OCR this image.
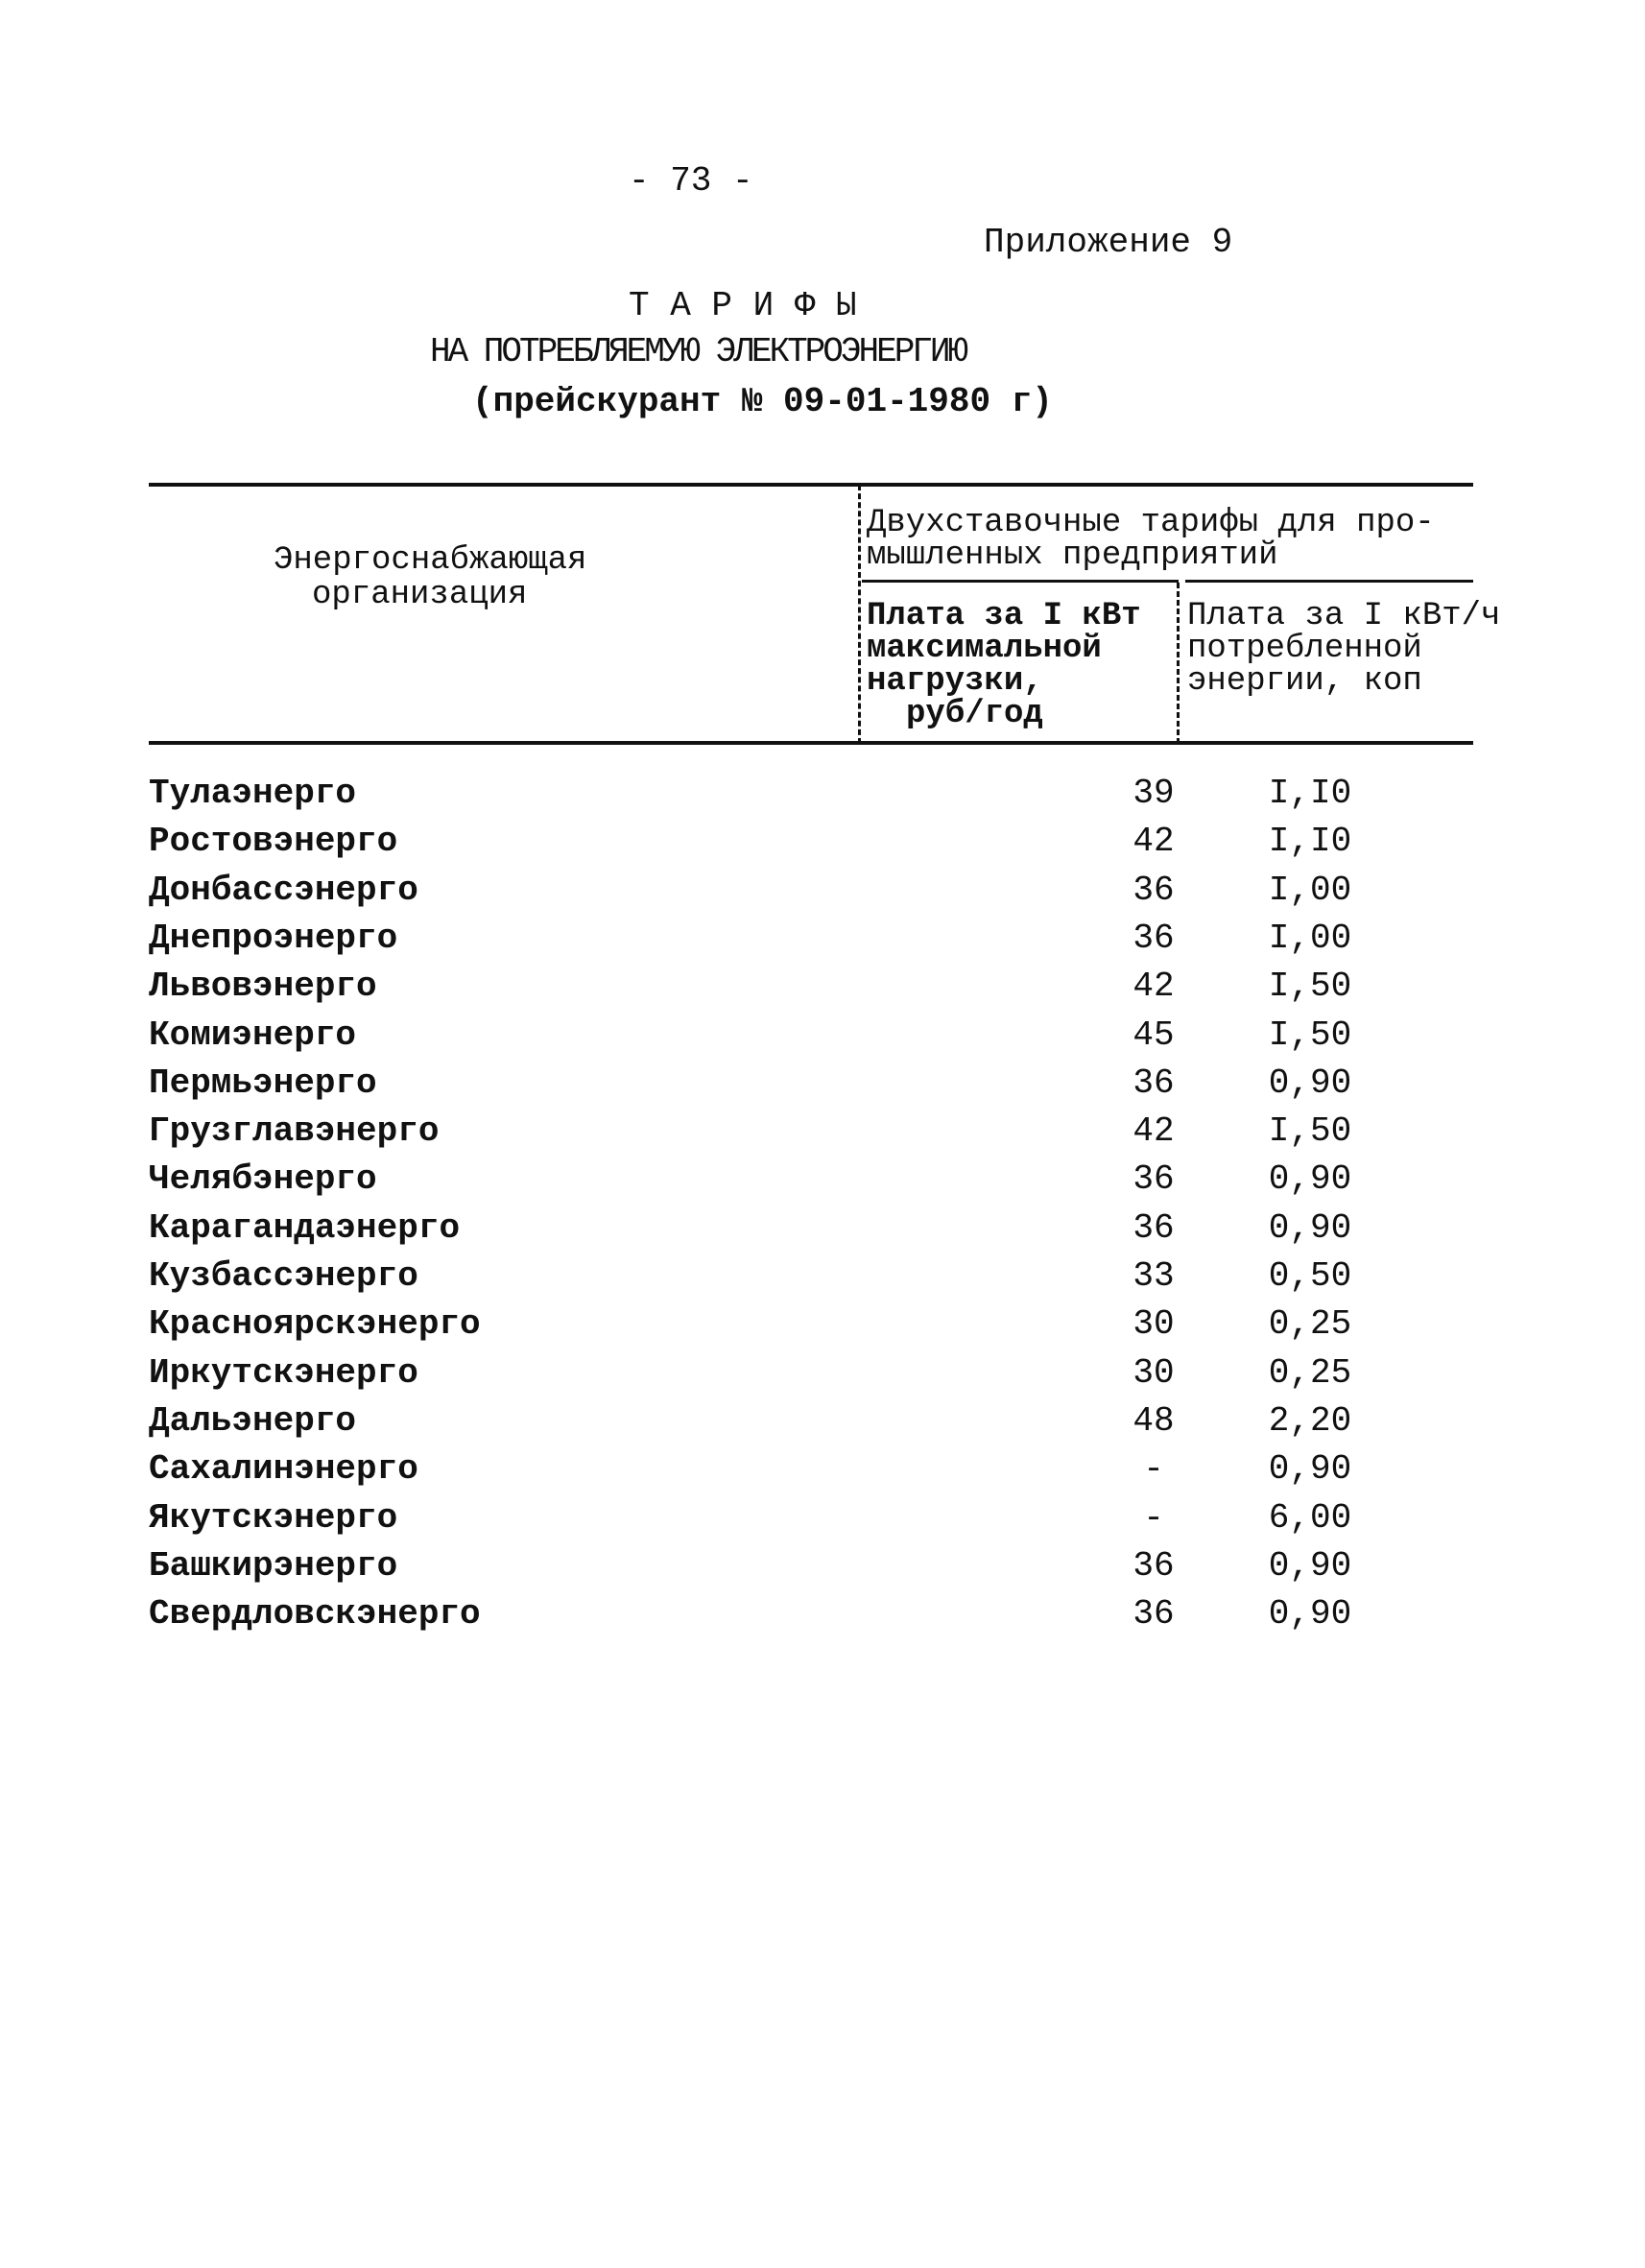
- 73 -
Приложение 9
Т А Р И Ф Ы
НА ПОТРЕБЛЯЕМУЮ ЭЛЕКТРОЭНЕРГИЮ
(прейскурант № 09-01-1980 г)
Энергоснабжающая
организация
Двухставочные тарифы для про-
мышленных предприятий
Плата за I кВт
максимальной
нагрузки,
руб/год
Плата за I кВт/ч
потребленной
энергии, коп
Тулаэнерго	39	I,I0
Ростовэнерго	42	I,I0
Донбассэнерго	36	I,00
Днепроэнерго	36	I,00
Львовэнерго	42	I,50
Комиэнерго	45	I,50
Пермьэнерго	36	0,90
Грузглавэнерго	42	I,50
Челябэнерго	36	0,90
Карагандаэнерго	36	0,90
Кузбассэнерго	33	0,50
Красноярскэнерго	30	0,25
Иркутскэнерго	30	0,25
Дальэнерго	48	2,20
Сахалинэнерго	-	0,90
Якутскэнерго	-	6,00
Башкирэнерго	36	0,90
Свердловскэнерго	36	0,90
